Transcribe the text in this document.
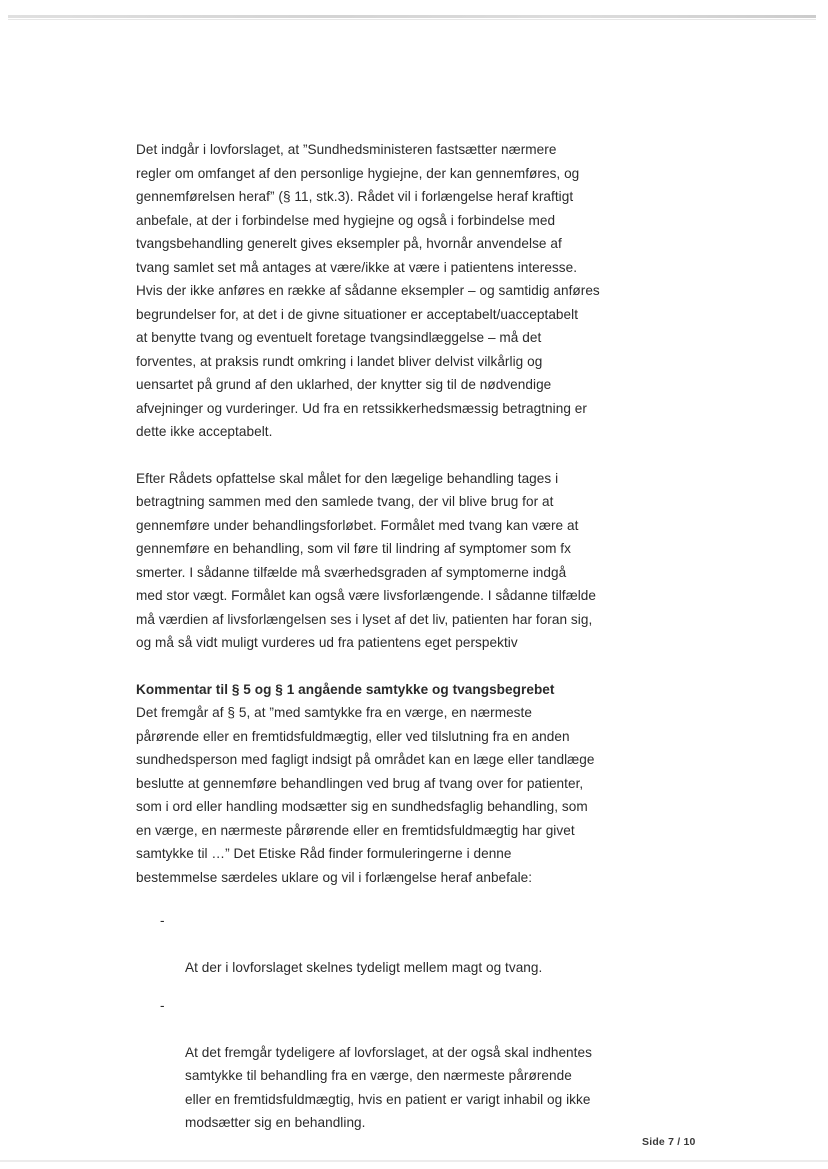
Det indgår i lovforslaget, at ”Sundhedsministeren fastsætter nærmere
regler om omfanget af den personlige hygiejne, der kan gennemføres, og
gennemførelsen heraf” (§ 11, stk.3). Rådet vil i forlængelse heraf kraftigt
anbefale, at der i forbindelse med hygiejne og også i forbindelse med
tvangsbehandling generelt gives eksempler på, hvornår anvendelse af
tvang samlet set må antages at være/ikke at være i patientens interesse.
Hvis der ikke anføres en række af sådanne eksempler – og samtidig anføres
begrundelser for, at det i de givne situationer er acceptabelt/uacceptabelt
at benytte tvang og eventuelt foretage tvangsindlæggelse – må det
forventes, at praksis rundt omkring i landet bliver delvist vilkårlig og
uensartet på grund af den uklarhed, der knytter sig til de nødvendige
afvejninger og vurderinger. Ud fra en retssikkerhedsmæssig betragtning er
dette ikke acceptabelt.

Efter Rådets opfattelse skal målet for den lægelige behandling tages i
betragtning sammen med den samlede tvang, der vil blive brug for at
gennemføre under behandlingsforløbet. Formålet med tvang kan være at
gennemføre en behandling, som vil føre til lindring af symptomer som fx
smerter. I sådanne tilfælde må sværhedsgraden af symptomerne indgå
med stor vægt. Formålet kan også være livsforlængende. I sådanne tilfælde
må værdien af livsforlængelsen ses i lyset af det liv, patienten har foran sig,
og må så vidt muligt vurderes ud fra patientens eget perspektiv

Kommentar til § 5 og § 1 angående samtykke og tvangsbegrebet

Det fremgår af § 5, at ”med samtykke fra en værge, en nærmeste
pårørende eller en fremtidsfuldmægtig, eller ved tilslutning fra en anden
sundhedsperson med fagligt indsigt på området kan en læge eller tandlæge
beslutte at gennemføre behandlingen ved brug af tvang over for patienter,
som i ord eller handling modsætter sig en sundhedsfaglig behandling, som
en værge, en nærmeste pårørende eller en fremtidsfuldmægtig har givet
samtykke til …” Det Etiske Råd finder formuleringerne i denne
bestemmelse særdeles uklare og vil i forlængelse heraf anbefale:

-

At der i lovforslaget skelnes tydeligt mellem magt og tvang.

-

At det fremgår tydeligere af lovforslaget, at der også skal indhentes
samtykke til behandling fra en værge, den nærmeste pårørende
eller en fremtidsfuldmægtig, hvis en patient er varigt inhabil og ikke
modsætter sig en behandling.

Side 7 / 10
